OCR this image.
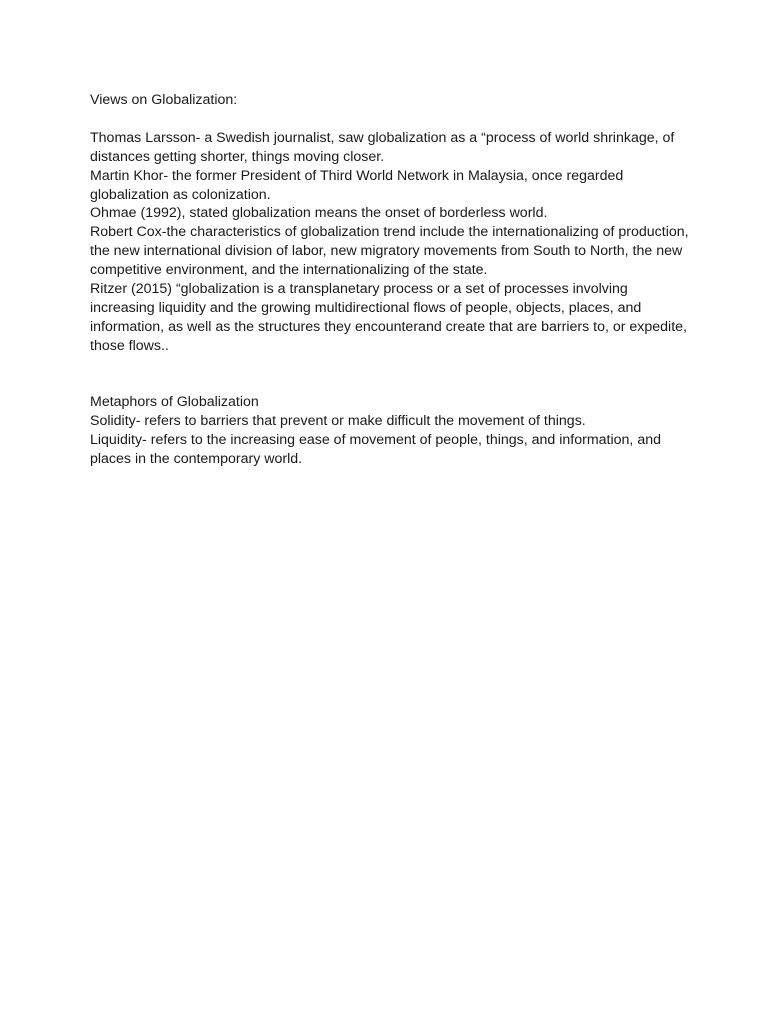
Views on Globalization:

Thomas Larsson- a Swedish journalist, saw globalization as a “process of world shrinkage, of
distances getting shorter, things moving closer.

Martin Khor- the former President of Third World Network in Malaysia, once regarded
globalization as colonization.

Ohmae (1992), stated globalization means the onset of borderless world.

Robert Cox-the characteristics of globalization trend include the internationalizing of production,
the new international division of labor, new migratory movements from South to North, the new
competitive environment, and the internationalizing of the state.

Ritzer (2015) “globalization is a transplanetary process or a set of processes involving
increasing liquidity and the growing multidirectional flows of people, objects, places, and
information, as well as the structures they encounterand create that are barriers to, or expedite,
those flows..

Metaphors of Globalization

Solidity- refers to barriers that prevent or make difficult the movement of things.

Liquidity- refers to the increasing ease of movement of people, things, and information, and
places in the contemporary world.
